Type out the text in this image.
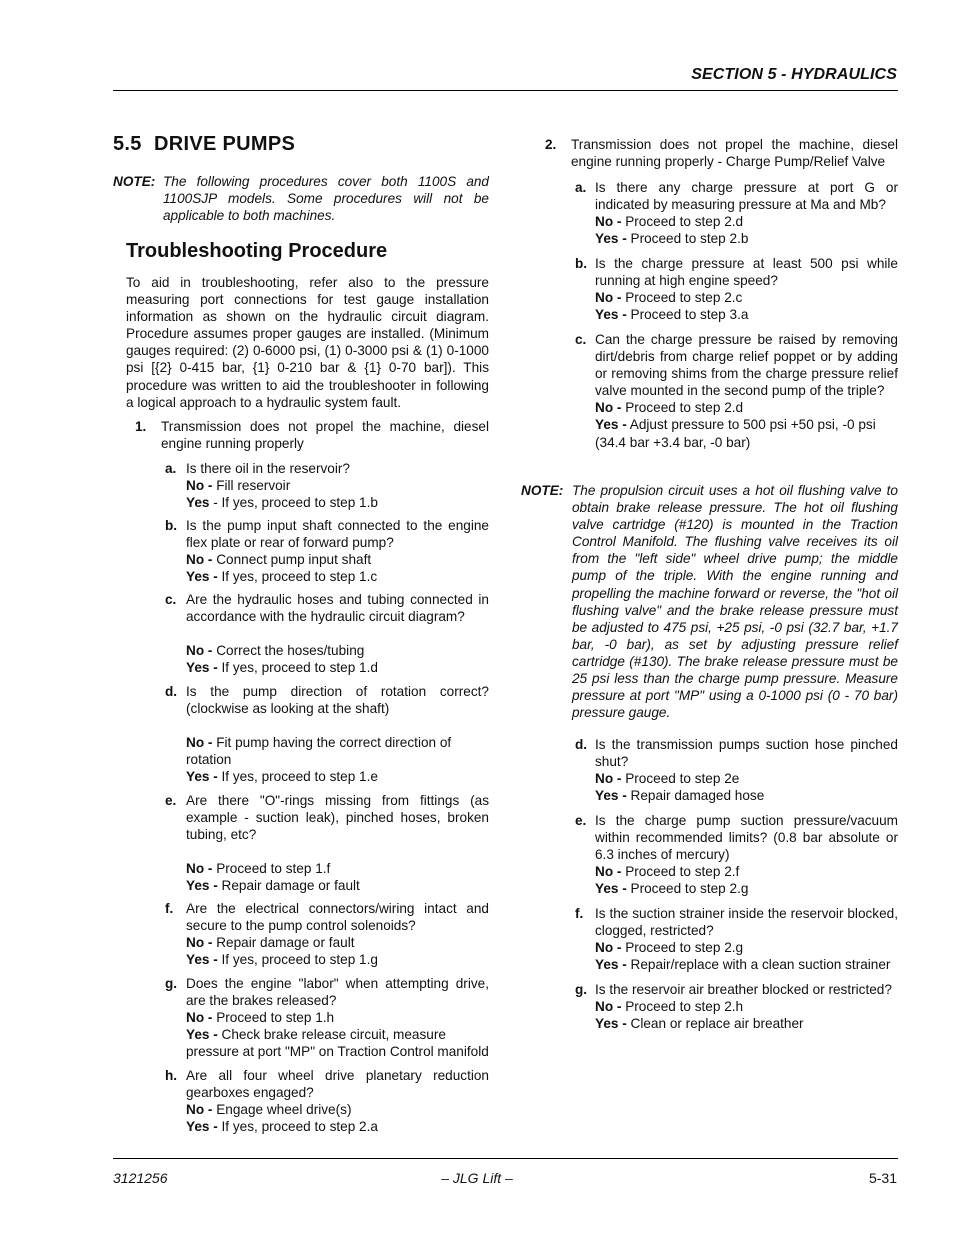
SECTION 5 - HYDRAULICS
5.5 DRIVE PUMPS
NOTE: The following procedures cover both 1100S and 1100SJP models. Some procedures will not be applicable to both machines.
Troubleshooting Procedure
To aid in troubleshooting, refer also to the pressure measuring port connections for test gauge installation information as shown on the hydraulic circuit diagram. Procedure assumes proper gauges are installed. (Minimum gauges required: (2) 0-6000 psi, (1) 0-3000 psi & (1) 0-1000 psi [{2} 0-415 bar, {1} 0-210 bar & {1} 0-70 bar]). This procedure was written to aid the troubleshooter in following a logical approach to a hydraulic system fault.
1. Transmission does not propel the machine, diesel engine running properly
a. Is there oil in the reservoir?
No - Fill reservoir
Yes - If yes, proceed to step 1.b
b. Is the pump input shaft connected to the engine flex plate or rear of forward pump?
No - Connect pump input shaft
Yes - If yes, proceed to step 1.c
c. Are the hydraulic hoses and tubing connected in accordance with the hydraulic circuit diagram?
No - Correct the hoses/tubing
Yes - If yes, proceed to step 1.d
d. Is the pump direction of rotation correct? (clockwise as looking at the shaft)
No - Fit pump having the correct direction of rotation
Yes - If yes, proceed to step 1.e
e. Are there "O"-rings missing from fittings (as example - suction leak), pinched hoses, broken tubing, etc?
No - Proceed to step 1.f
Yes - Repair damage or fault
f. Are the electrical connectors/wiring intact and secure to the pump control solenoids?
No - Repair damage or fault
Yes - If yes, proceed to step 1.g
g. Does the engine "labor" when attempting drive, are the brakes released?
No - Proceed to step 1.h
Yes - Check brake release circuit, measure pressure at port "MP" on Traction Control manifold
h. Are all four wheel drive planetary reduction gearboxes engaged?
No - Engage wheel drive(s)
Yes - If yes, proceed to step 2.a
2. Transmission does not propel the machine, diesel engine running properly - Charge Pump/Relief Valve
a. Is there any charge pressure at port G or indicated by measuring pressure at Ma and Mb?
No - Proceed to step 2.d
Yes - Proceed to step 2.b
b. Is the charge pressure at least 500 psi while running at high engine speed?
No - Proceed to step 2.c
Yes - Proceed to step 3.a
c. Can the charge pressure be raised by removing dirt/debris from charge relief poppet or by adding or removing shims from the charge pressure relief valve mounted in the second pump of the triple?
No - Proceed to step 2.d
Yes - Adjust pressure to 500 psi +50 psi, -0 psi (34.4 bar +3.4 bar, -0 bar)
d. Is the transmission pumps suction hose pinched shut?
No - Proceed to step 2e
Yes - Repair damaged hose
e. Is the charge pump suction pressure/vacuum within recommended limits? (0.8 bar absolute or 6.3 inches of mercury)
No - Proceed to step 2.f
Yes - Proceed to step 2.g
f. Is the suction strainer inside the reservoir blocked, clogged, restricted?
No - Proceed to step 2.g
Yes - Repair/replace with a clean suction strainer
g. Is the reservoir air breather blocked or restricted?
No - Proceed to step 2.h
Yes - Clean or replace air breather
NOTE: The propulsion circuit uses a hot oil flushing valve to obtain brake release pressure. The hot oil flushing valve cartridge (#120) is mounted in the Traction Control Manifold. The flushing valve receives its oil from the "left side" wheel drive pump; the middle pump of the triple. With the engine running and propelling the machine forward or reverse, the "hot oil flushing valve" and the brake release pressure must be adjusted to 475 psi, +25 psi, -0 psi (32.7 bar, +1.7 bar, -0 bar), as set by adjusting pressure relief cartridge (#130). The brake release pressure must be 25 psi less than the charge pump pressure. Measure pressure at port "MP" using a 0-1000 psi (0 - 70 bar) pressure gauge.
3121256	– JLG Lift –	5-31
